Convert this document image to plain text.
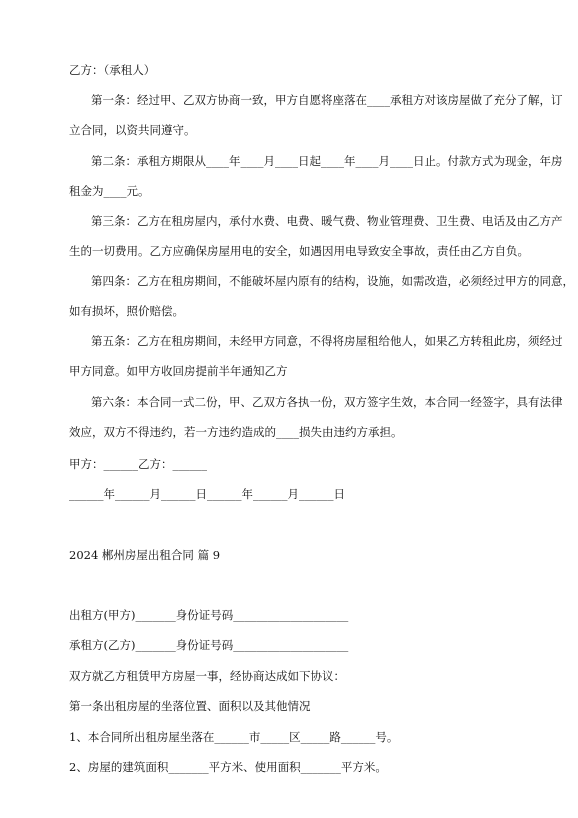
乙方：（承租人）
第一条：经过甲、乙双方协商一致，甲方自愿将座落在____承租方对该房屋做了充分了解，订
立合同，以资共同遵守。
第二条：承租方期限从____年____月____日起____年____月____日止。付款方式为现金，年房
租金为____元。
第三条：乙方在租房屋内，承付水费、电费、暖气费、物业管理费、卫生费、电话及由乙方产
生的一切费用。乙方应确保房屋用电的安全，如遇因用电导致安全事故，责任由乙方自负。
第四条：乙方在租房期间，不能破坏屋内原有的结构，设施，如需改造，必须经过甲方的同意，
如有损坏，照价赔偿。
第五条：乙方在租房期间，未经甲方同意，不得将房屋租给他人，如果乙方转租此房，须经过
甲方同意。如甲方收回房提前半年通知乙方
第六条：本合同一式二份，甲、乙双方各执一份，双方签字生效，本合同一经签字，具有法律
效应，双方不得违约，若一方违约造成的____损失由违约方承担。
甲方：______乙方：______
______年______月______日______年______月______日
2024 郴州房屋出租合同 篇 9
出租方(甲方)_______身份证号码____________________
承租方(乙方)_______身份证号码____________________
双方就乙方租赁甲方房屋一事，经协商达成如下协议：
第一条出租房屋的坐落位置、面积以及其他情况
1、本合同所出租房屋坐落在______市_____区_____路______号。
2、房屋的建筑面积_______平方米、使用面积_______平方米。
